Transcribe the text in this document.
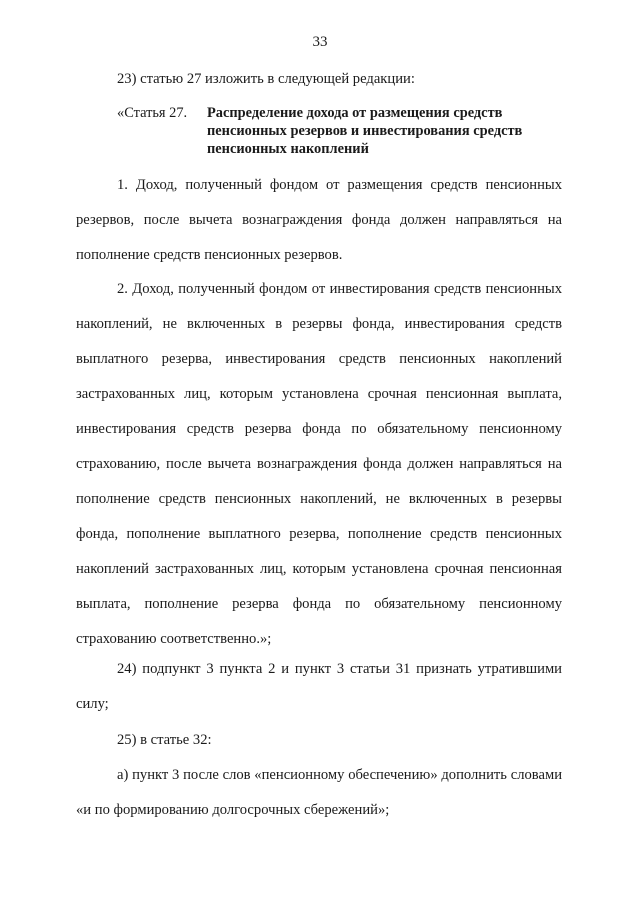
33

23) статью 27 изложить в следующей редакции:

«Статья 27.	Распределение дохода от размещения средств пенсионных резервов и инвестирования средств пенсионных накоплений

1. Доход, полученный фондом от размещения средств пенсионных резервов, после вычета вознаграждения фонда должен направляться на пополнение средств пенсионных резервов.

2. Доход, полученный фондом от инвестирования средств пенсионных накоплений, не включенных в резервы фонда, инвестирования средств выплатного резерва, инвестирования средств пенсионных накоплений застрахованных лиц, которым установлена срочная пенсионная выплата, инвестирования средств резерва фонда по обязательному пенсионному страхованию, после вычета вознаграждения фонда должен направляться на пополнение средств пенсионных накоплений, не включенных в резервы фонда, пополнение выплатного резерва, пополнение средств пенсионных накоплений застрахованных лиц, которым установлена срочная пенсионная выплата, пополнение резерва фонда по обязательному пенсионному страхованию соответственно.»;

24) подпункт 3 пункта 2 и пункт 3 статьи 31 признать утратившими силу;

25) в статье 32:

а) пункт 3 после слов «пенсионному обеспечению» дополнить словами «и по формированию долгосрочных сбережений»;
